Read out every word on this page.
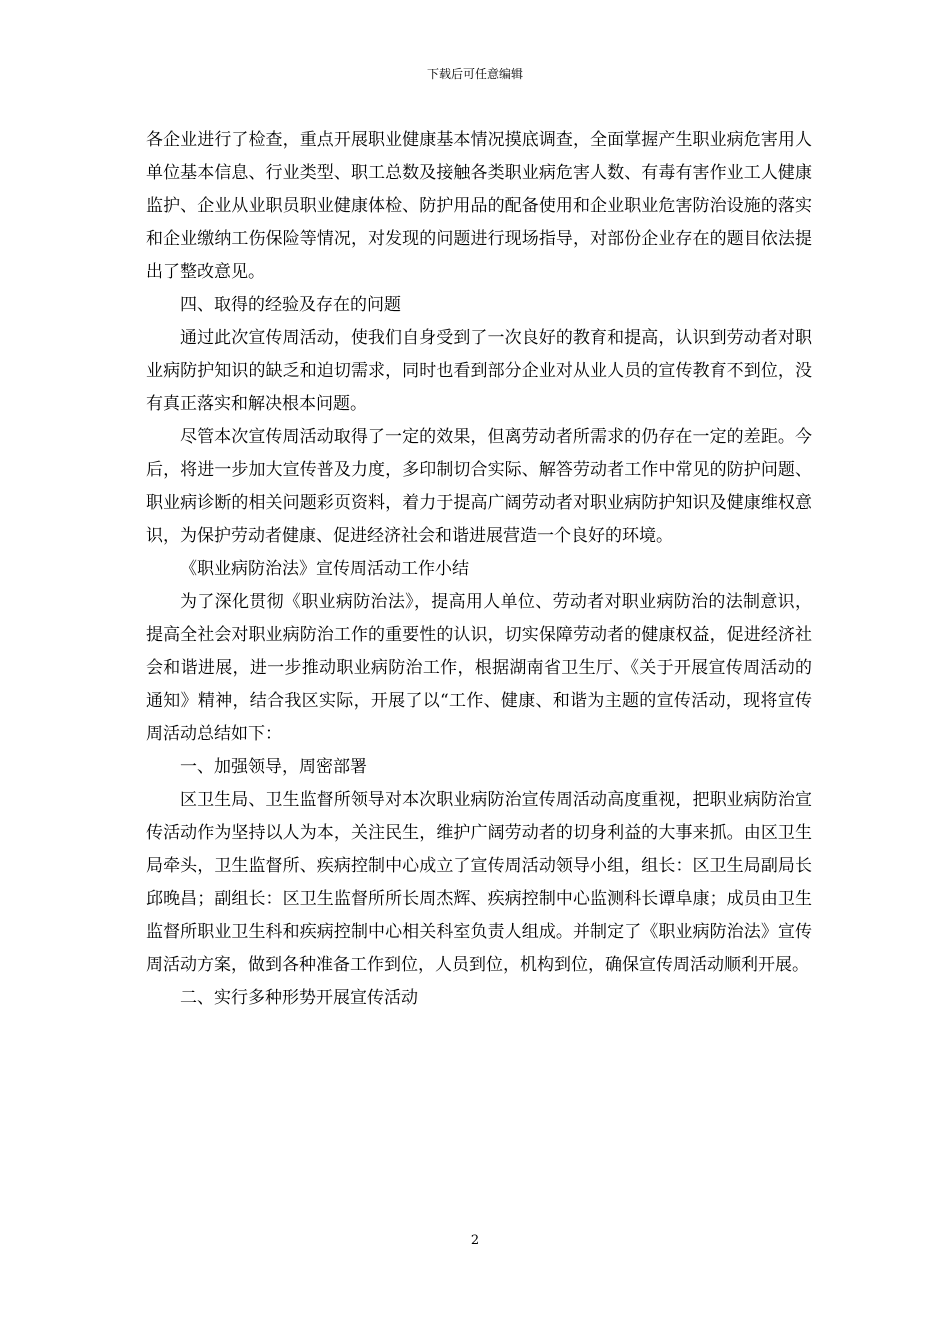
下载后可任意编辑

各企业进行了检查，重点开展职业健康基本情况摸底调查，全面掌握产生职业病危害用人单位基本信息、行业类型、职工总数及接触各类职业病危害人数、有毒有害作业工人健康监护、企业从业职员职业健康体检、防护用品的配备使用和企业职业危害防治设施的落实和企业缴纳工伤保险等情况，对发现的问题进行现场指导，对部份企业存在的题目依法提出了整改意见。

四、取得的经验及存在的问题

通过此次宣传周活动，使我们自身受到了一次良好的教育和提高，认识到劳动者对职业病防护知识的缺乏和迫切需求，同时也看到部分企业对从业人员的宣传教育不到位，没有真正落实和解决根本问题。

尽管本次宣传周活动取得了一定的效果，但离劳动者所需求的仍存在一定的差距。今后，将进一步加大宣传普及力度，多印制切合实际、解答劳动者工作中常见的防护问题、职业病诊断的相关问题彩页资料，着力于提高广阔劳动者对职业病防护知识及健康维权意识，为保护劳动者健康、促进经济社会和谐进展营造一个良好的环境。

《职业病防治法》宣传周活动工作小结

为了深化贯彻《职业病防治法》，提高用人单位、劳动者对职业病防治的法制意识，提高全社会对职业病防治工作的重要性的认识，切实保障劳动者的健康权益，促进经济社会和谐进展，进一步推动职业病防治工作，根据湖南省卫生厅、《关于开展宣传周活动的通知》精神，结合我区实际，开展了以“工作、健康、和谐为主题的宣传活动，现将宣传周活动总结如下：

一、加强领导，周密部署

区卫生局、卫生监督所领导对本次职业病防治宣传周活动高度重视，把职业病防治宣传活动作为坚持以人为本，关注民生，维护广阔劳动者的切身利益的大事来抓。由区卫生局牵头，卫生监督所、疾病控制中心成立了宣传周活动领导小组，组长：区卫生局副局长邱晚昌；副组长：区卫生监督所所长周杰辉、疾病控制中心监测科长谭阜康；成员由卫生监督所职业卫生科和疾病控制中心相关科室负责人组成。并制定了《职业病防治法》宣传周活动方案，做到各种准备工作到位，人员到位，机构到位，确保宣传周活动顺利开展。

二、实行多种形势开展宣传活动

2
